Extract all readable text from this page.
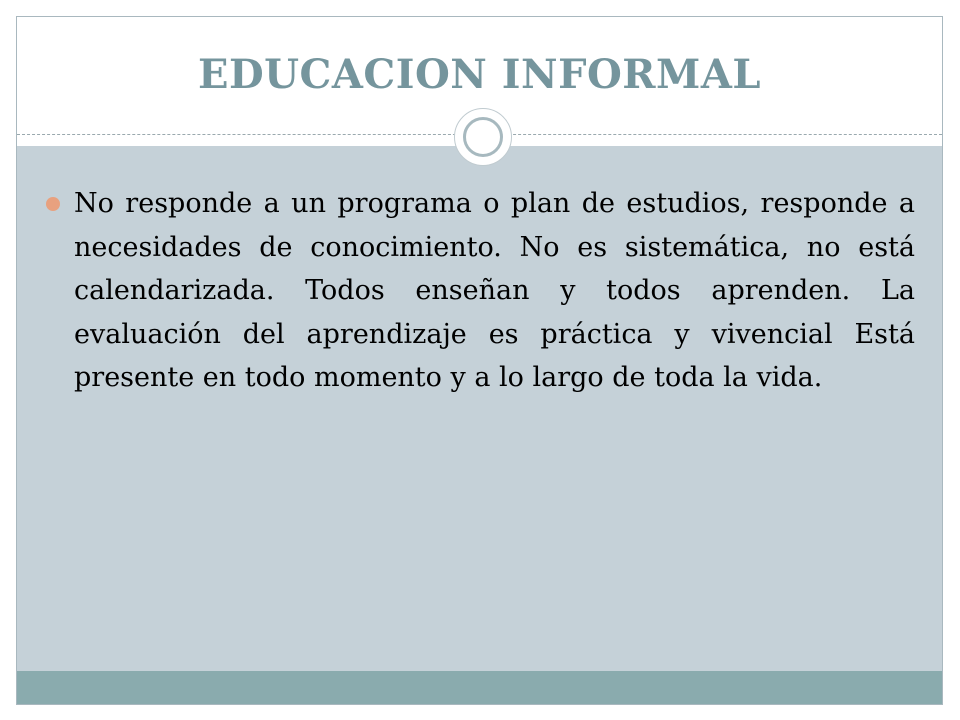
EDUCACION INFORMAL
No responde a un programa o plan de estudios, responde a necesidades de conocimiento. No es sistemática, no está calendarizada. Todos enseñan y todos aprenden. La evaluación del aprendizaje es práctica y vivencial Está presente en todo momento y a lo largo de toda la vida.
